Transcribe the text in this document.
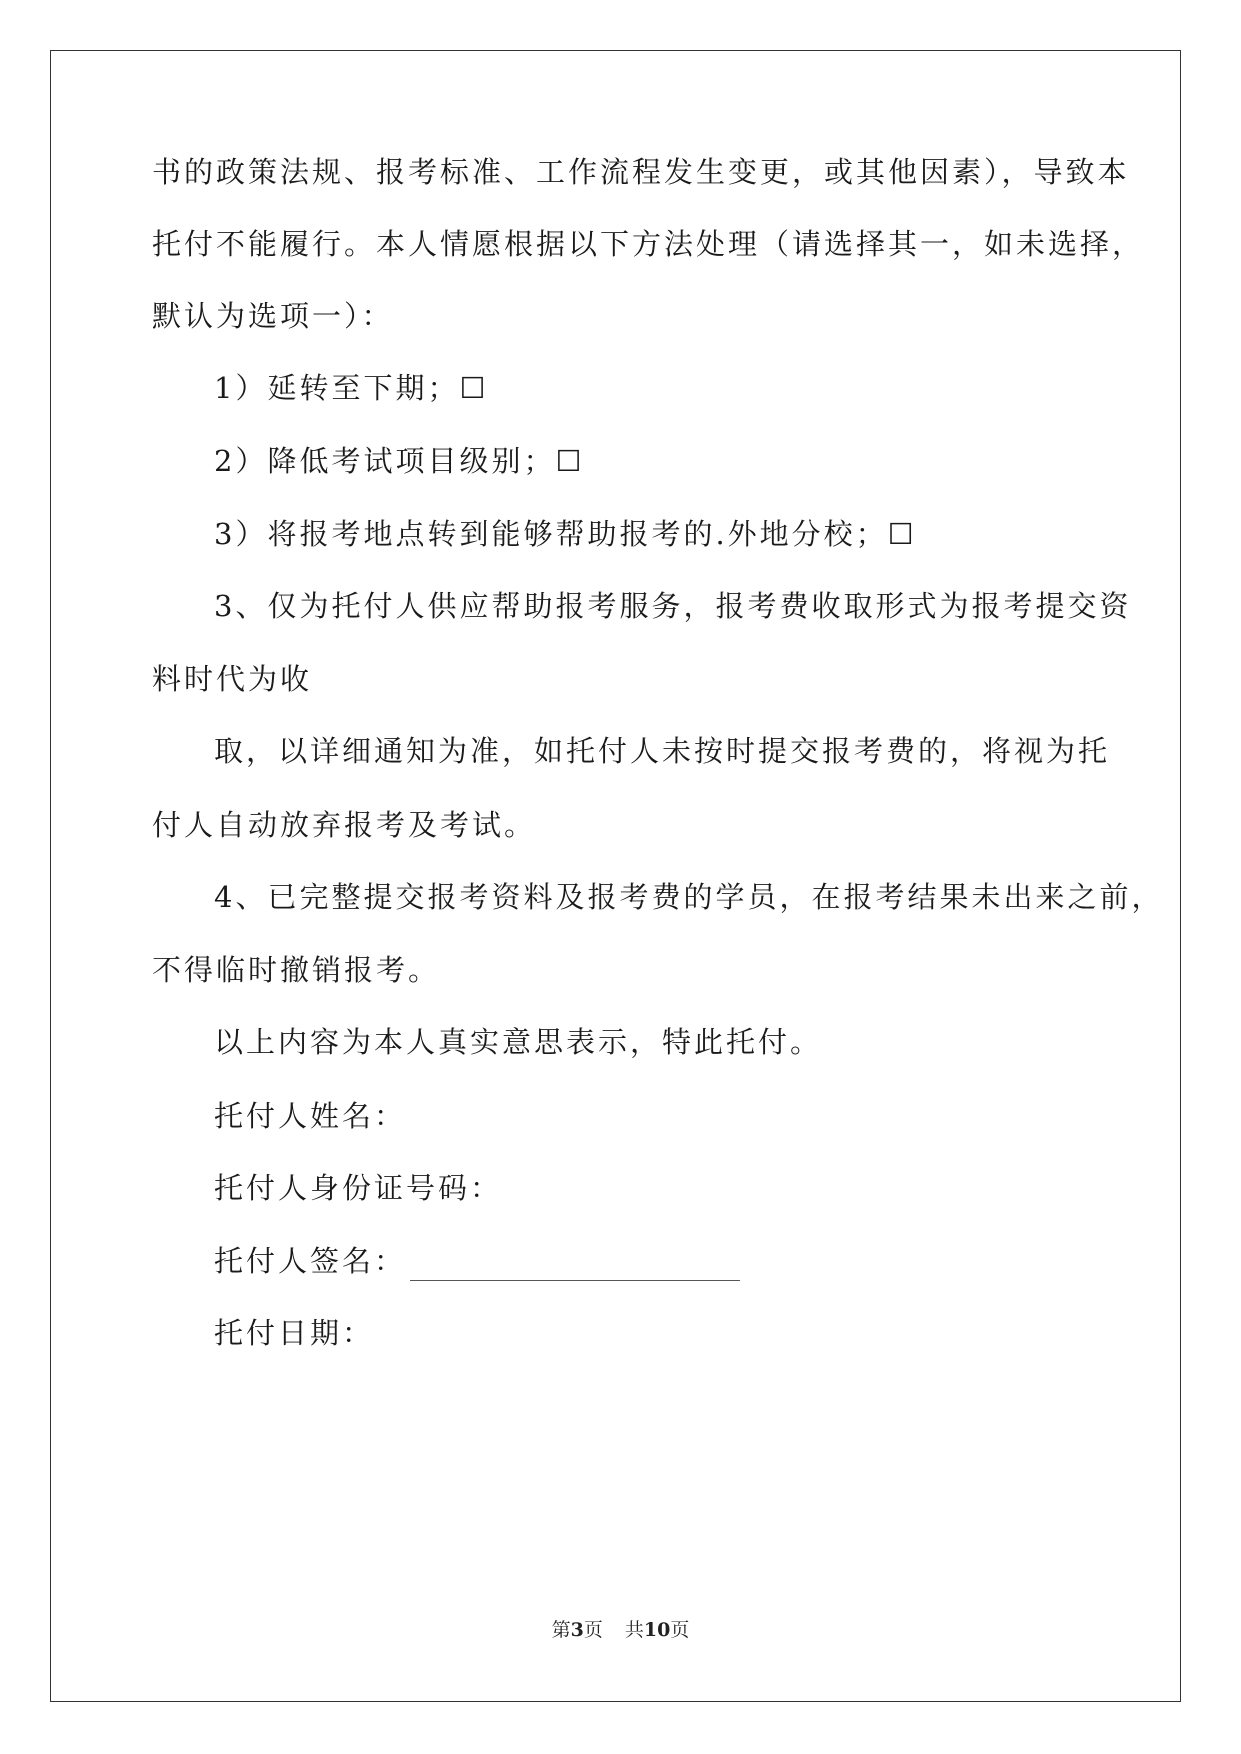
书的政策法规、报考标准、工作流程发生变更，或其他因素），导致本
托付不能履行。本人情愿根据以下方法处理（请选择其一，如未选择，
默认为选项一）：
1）延转至下期；☐
2）降低考试项目级别；☐
3）将报考地点转到能够帮助报考的.外地分校；☐
3、仅为托付人供应帮助报考服务，报考费收取形式为报考提交资
料时代为收
取，以详细通知为准，如托付人未按时提交报考费的，将视为托
付人自动放弃报考及考试。
4、已完整提交报考资料及报考费的学员，在报考结果未出来之前，
不得临时撤销报考。
以上内容为本人真实意思表示，特此托付。
托付人姓名：
托付人身份证号码：
托付人签名：
托付日期：
第3页 共10页
